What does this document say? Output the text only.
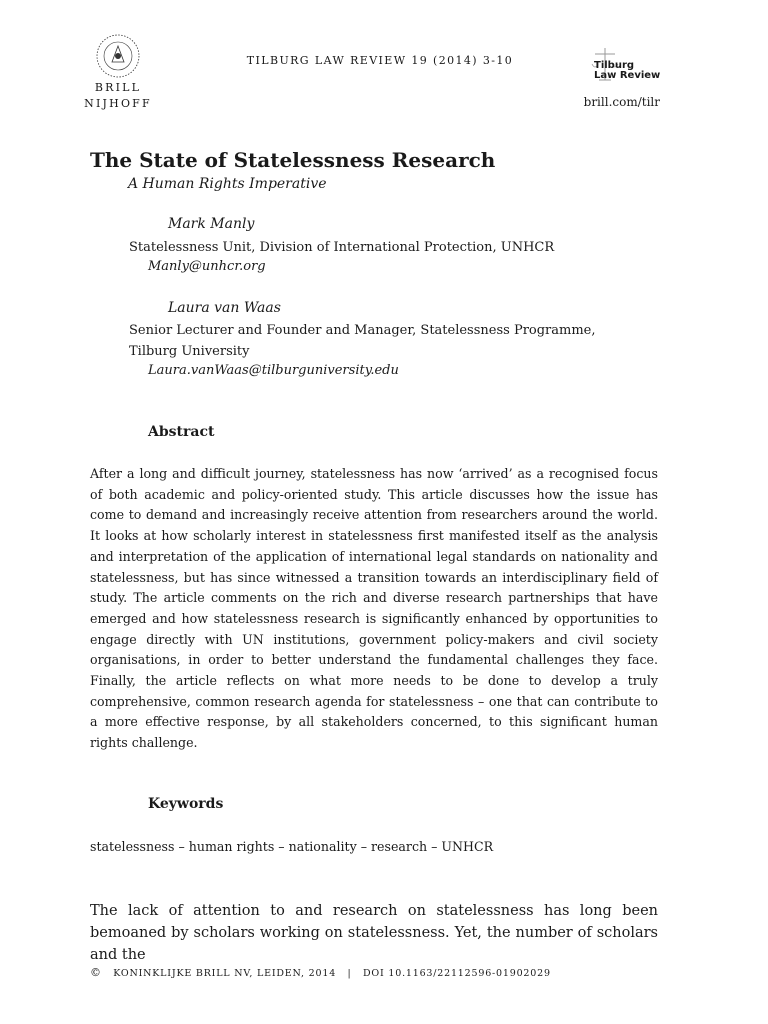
BRILL
NIJHOFF
TILBURG LAW REVIEW 19 (2014) 3-10	Tilburg
Law Review
brill.com/tilr
The State of Statelessness Research
A Human Rights Imperative
Mark Manly
Statelessness Unit, Division of International Protection, UNHCR
Manly@unhcr.org
Laura van Waas
Senior Lecturer and Founder and Manager, Statelessness Programme,
Tilburg University
Laura.vanWaas@tilburguniversity.edu
Abstract
After a long and difficult journey, statelessness has now ‘arrived’ as a recognised focus of both academic and policy-oriented study. This article discusses how the issue has come to demand and increasingly receive attention from researchers around the world. It looks at how scholarly interest in statelessness first manifested itself as the analysis and interpretation of the application of international legal standards on nationality and statelessness, but has since witnessed a transition towards an interdisciplinary field of study. The article comments on the rich and diverse research partnerships that have emerged and how statelessness research is significantly enhanced by opportunities to engage directly with UN institutions, government policy-makers and civil society organisations, in order to better understand the fundamental challenges they face. Finally, the article reflects on what more needs to be done to develop a truly comprehensive, common research agenda for statelessness – one that can contribute to a more effective response, by all stakeholders concerned, to this significant human rights challenge.
Keywords
statelessness – human rights – nationality – research – UNHCR
The lack of attention to and research on statelessness has long been bemoaned by scholars working on statelessness. Yet, the number of scholars and the
© KONINKLIJKE BRILL NV, LEIDEN, 2014 | DOI 10.1163/22112596-01902029
